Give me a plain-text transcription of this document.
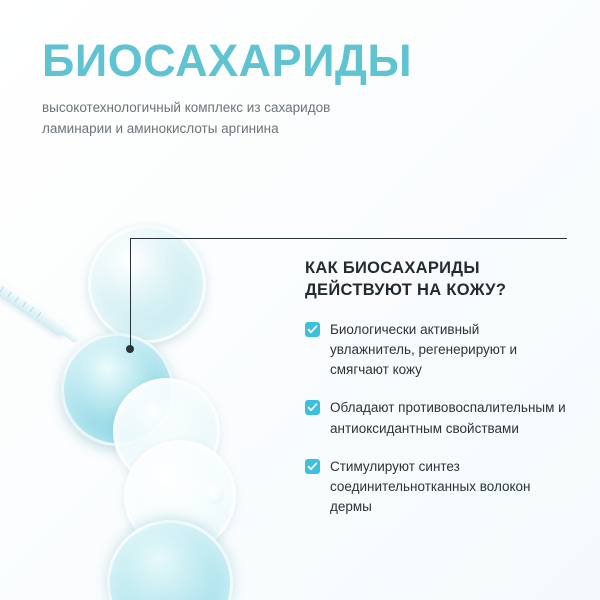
БИОСАХАРИДЫ

высокотехнологичный комплекс из сахаридов ламинарии и аминокислоты аргинина

КАК БИОСАХАРИДЫ ДЕЙСТВУЮТ НА КОЖУ?
Биологически активный увлажнитель, регенерируют и смягчают кожу
Обладают противовоспалительным и антиоксидантным свойствами
Стимулируют синтез соединительнотканных волокон дермы
